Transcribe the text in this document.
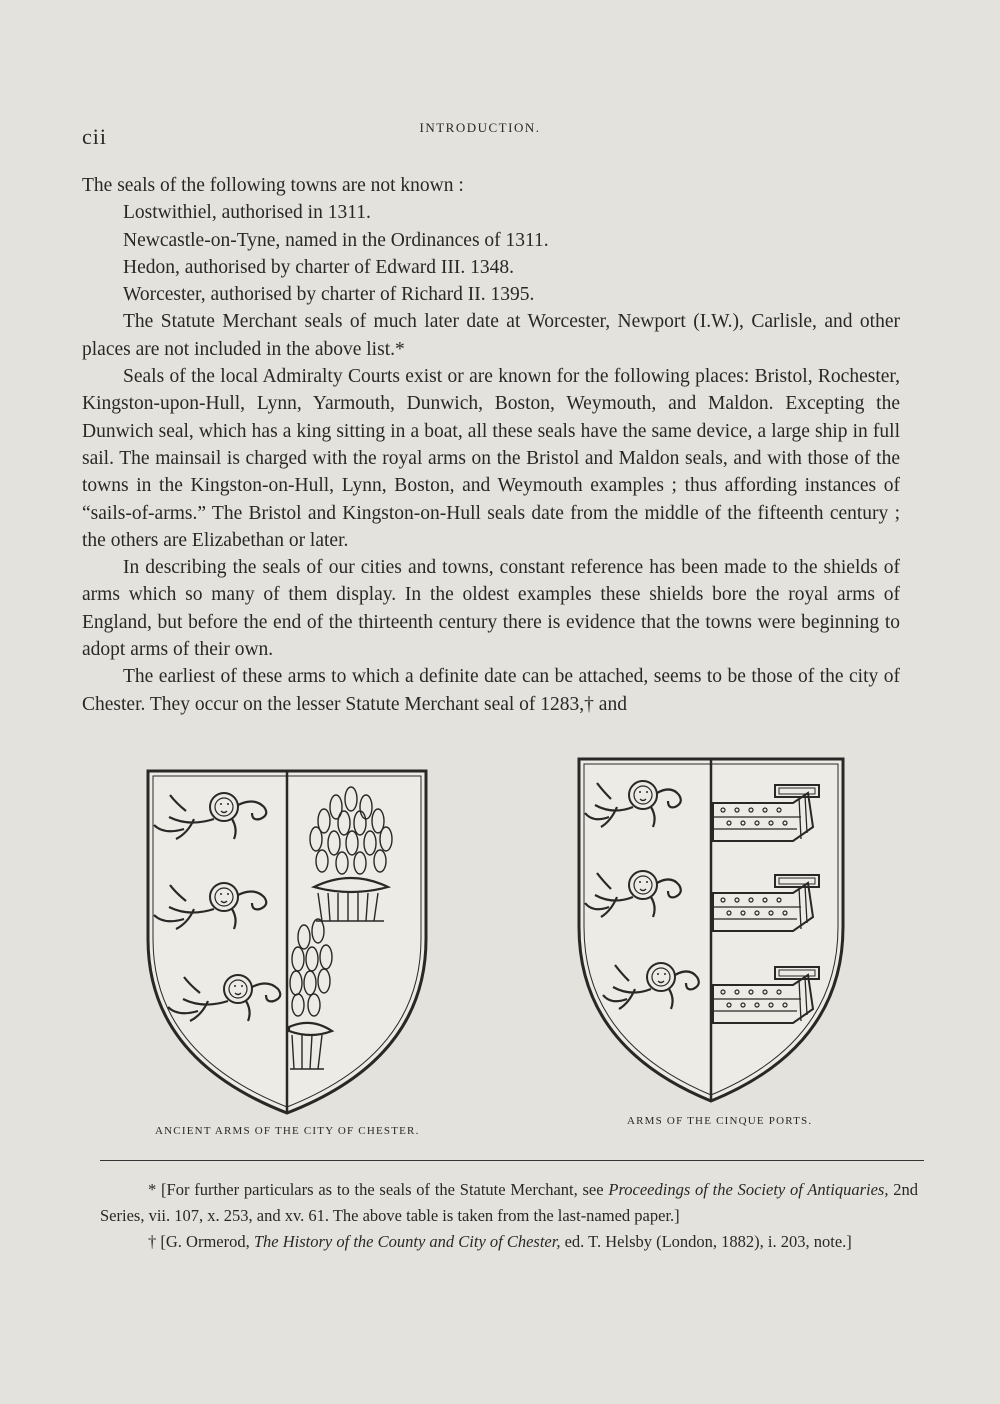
cii	INTRODUCTION.

The seals of the following towns are not known :

Lostwithiel, authorised in 1311.
Newcastle-on-Tyne, named in the Ordinances of 1311.
Hedon, authorised by charter of Edward III. 1348.
Worcester, authorised by charter of Richard II. 1395.

The Statute Merchant seals of much later date at Worcester, Newport (I.W.), Carlisle, and other places are not included in the above list.*

Seals of the local Admiralty Courts exist or are known for the following places: Bristol, Rochester, Kingston-upon-Hull, Lynn, Yarmouth, Dunwich, Boston, Weymouth, and Maldon. Excepting the Dunwich seal, which has a king sitting in a boat, all these seals have the same device, a large ship in full sail. The mainsail is charged with the royal arms on the Bristol and Maldon seals, and with those of the towns in the Kingston-on-Hull, Lynn, Boston, and Weymouth examples ; thus affording instances of “sails-of-arms.” The Bristol and Kingston-on-Hull seals date from the middle of the fifteenth century ; the others are Elizabethan or later.

In describing the seals of our cities and towns, constant reference has been made to the shields of arms which so many of them display. In the oldest examples these shields bore the royal arms of England, but before the end of the thirteenth century there is evidence that the towns were beginning to adopt arms of their own.

The earliest of these arms to which a definite date can be attached, seems to be those of the city of Chester. They occur on the lesser Statute Merchant seal of 1283,† and

ANCIENT ARMS OF THE CITY OF CHESTER.
ARMS OF THE CINQUE PORTS.

* [For further particulars as to the seals of the Statute Merchant, see Proceedings of the Society of Antiquaries, 2nd Series, vii. 107, x. 253, and xv. 61. The above table is taken from the last-named paper.]

† [G. Ormerod, The History of the County and City of Chester, ed. T. Helsby (London, 1882), i. 203, note.]
